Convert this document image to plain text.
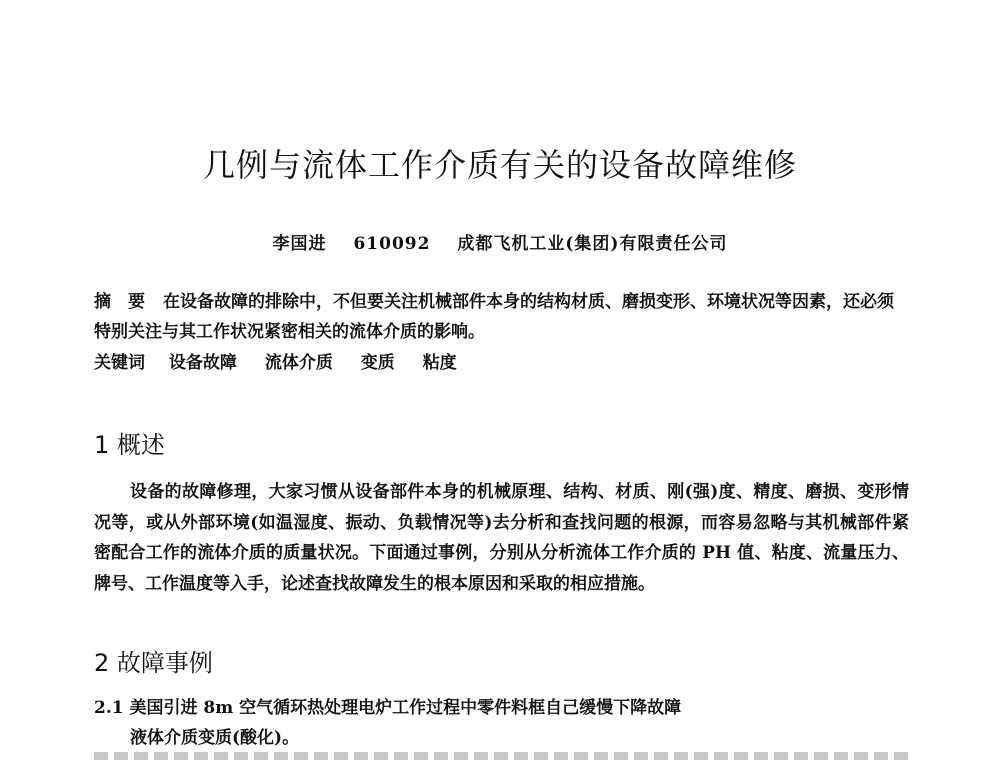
几例与流体工作介质有关的设备故障维修
李国进 610092 成都飞机工业(集团)有限责任公司
摘　要 在设备故障的排除中，不但要关注机械部件本身的结构材质、磨损变形、环境状况等因素，还必须特别关注与其工作状况紧密相关的流体介质的影响。
关键词 设备故障 流体介质 变质 粘度
1 概述

设备的故障修理，大家习惯从设备部件本身的机械原理、结构、材质、刚(强)度、精度、磨损、变形情况等，或从外部环境(如温湿度、振动、负载情况等)去分析和查找问题的根源，而容易忽略与其机械部件紧密配合工作的流体介质的质量状况。下面通过事例，分别从分析流体工作介质的 PH 值、粘度、流量压力、牌号、工作温度等入手，论述查找故障发生的根本原因和采取的相应措施。

2 故障事例
2.1 美国引进 8m 空气循环热处理电炉工作过程中零件料框自己缓慢下降故障
液体介质变质(酸化)。
